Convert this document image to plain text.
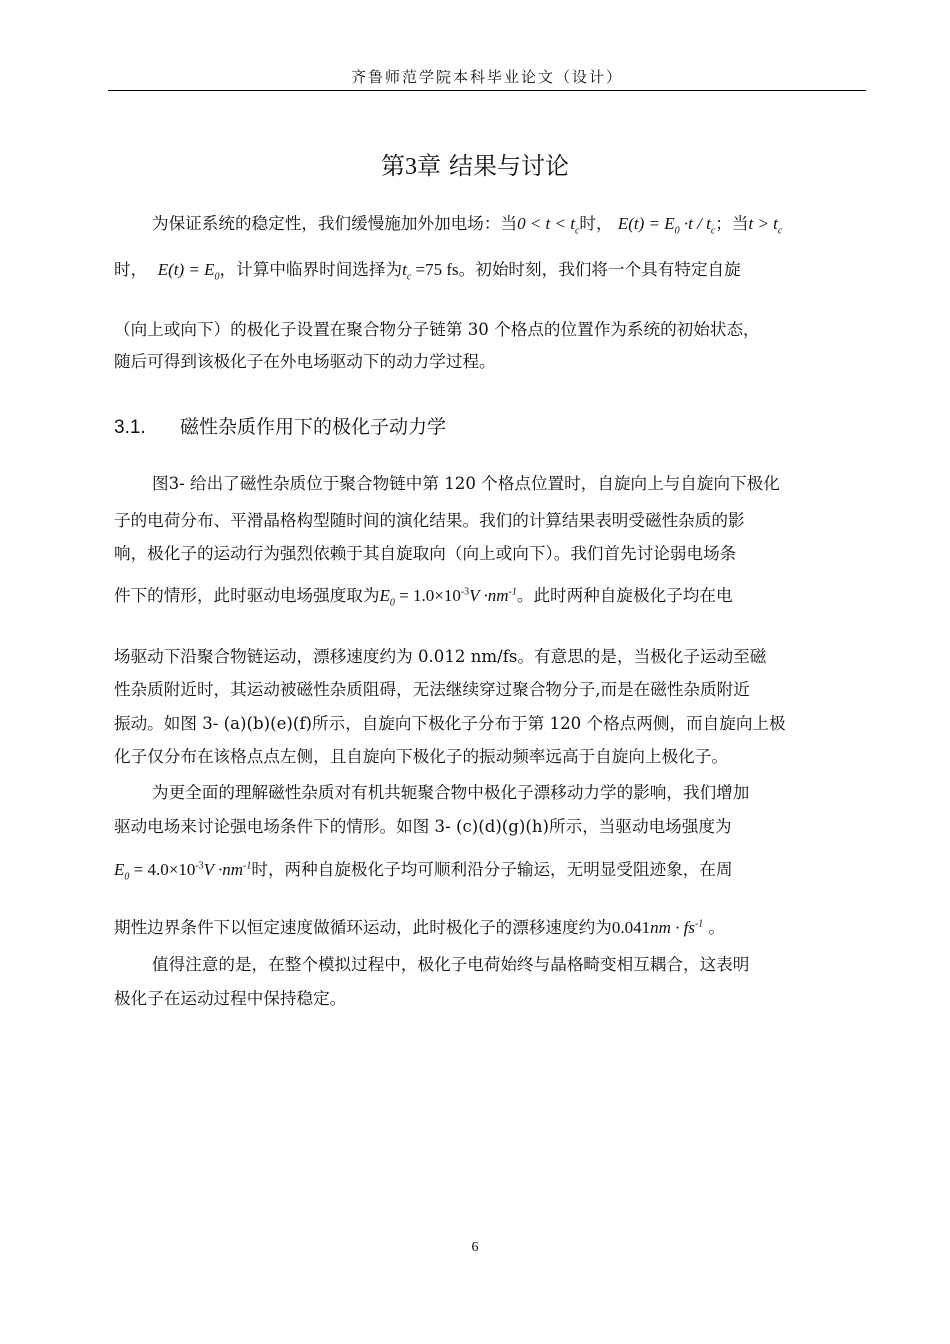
齐鲁师范学院本科毕业论文（设计）
第3章 结果与讨论
为保证系统的稳定性，我们缓慢施加外加电场：当$0 < t < t_c$时， $E(t) = E_0 \cdot t / t_c$；当$t > t_c$
时， $E(t) = E_0$，计算中临界时间选择为$t_c =75$ fs。初始时刻，我们将一个具有特定自旋
（向上或向下）的极化子设置在聚合物分子链第 30 个格点的位置作为系统的初始状态，
随后可得到该极化子在外电场驱动下的动力学过程。
3.1. 磁性杂质作用下的极化子动力学
图3- 给出了磁性杂质位于聚合物链中第 120 个格点位置时，自旋向上与自旋向下极化
子的电荷分布、平滑晶格构型随时间的演化结果。我们的计算结果表明受磁性杂质的影
响，极化子的运动行为强烈依赖于其自旋取向（向上或向下）。我们首先讨论弱电场条
件下的情形，此时驱动电场强度取为$E_0 = 1.0\times 10^{-3}V \cdot nm^{-1}$。此时两种自旋极化子均在电
场驱动下沿聚合物链运动，漂移速度约为 0.012 nm/fs。有意思的是，当极化子运动至磁
性杂质附近时，其运动被磁性杂质阻碍，无法继续穿过聚合物分子,而是在磁性杂质附近
振动。如图 3- (a)(b)(e)(f)所示，自旋向下极化子分布于第 120 个格点两侧，而自旋向上极
化子仅分布在该格点点左侧，且自旋向下极化子的振动频率远高于自旋向上极化子。
为更全面的理解磁性杂质对有机共轭聚合物中极化子漂移动力学的影响，我们增加
驱动电场来讨论强电场条件下的情形。如图 3- (c)(d)(g)(h)所示，当驱动电场强度为
$E_0 = 4.0\times 10^{-3}V \cdot nm^{-1}$时，两种自旋极化子均可顺利沿分子输运，无明显受阻迹象，在周
期性边界条件下以恒定速度做循环运动，此时极化子的漂移速度约为$0.041nm \cdot fs^{-1}$ 。
值得注意的是，在整个模拟过程中，极化子电荷始终与晶格畸变相互耦合，这表明
极化子在运动过程中保持稳定。
6
